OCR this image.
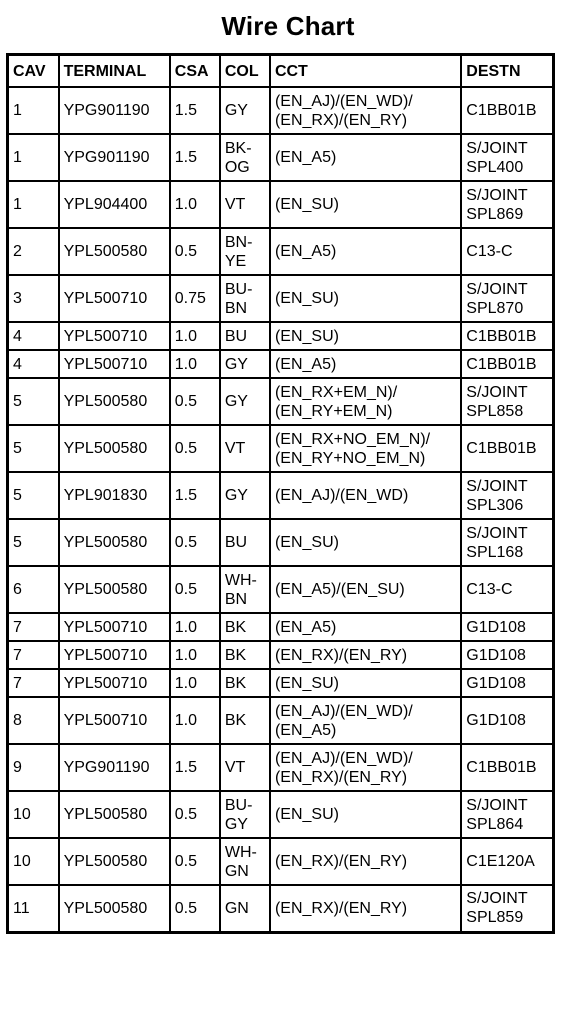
Wire Chart
CAV	TERMINAL	CSA	COL	CCT	DESTN
1	YPG901190	1.5	GY	(EN_AJ)/(EN_WD)/ (EN_RX)/(EN_RY)	C1BB01B
1	YPG901190	1.5	BK- OG	(EN_A5)	S/JOINT SPL400
1	YPL904400	1.0	VT	(EN_SU)	S/JOINT SPL869
2	YPL500580	0.5	BN- YE	(EN_A5)	C13-C
3	YPL500710	0.75	BU- BN	(EN_SU)	S/JOINT SPL870
4	YPL500710	1.0	BU	(EN_SU)	C1BB01B
4	YPL500710	1.0	GY	(EN_A5)	C1BB01B
5	YPL500580	0.5	GY	(EN_RX+EM_N)/ (EN_RY+EM_N)	S/JOINT SPL858
5	YPL500580	0.5	VT	(EN_RX+NO_EM_N)/ (EN_RY+NO_EM_N)	C1BB01B
5	YPL901830	1.5	GY	(EN_AJ)/(EN_WD)	S/JOINT SPL306
5	YPL500580	0.5	BU	(EN_SU)	S/JOINT SPL168
6	YPL500580	0.5	WH- BN	(EN_A5)/(EN_SU)	C13-C
7	YPL500710	1.0	BK	(EN_A5)	G1D108
7	YPL500710	1.0	BK	(EN_RX)/(EN_RY)	G1D108
7	YPL500710	1.0	BK	(EN_SU)	G1D108
8	YPL500710	1.0	BK	(EN_AJ)/(EN_WD)/ (EN_A5)	G1D108
9	YPG901190	1.5	VT	(EN_AJ)/(EN_WD)/ (EN_RX)/(EN_RY)	C1BB01B
10	YPL500580	0.5	BU- GY	(EN_SU)	S/JOINT SPL864
10	YPL500580	0.5	WH- GN	(EN_RX)/(EN_RY)	C1E120A
11	YPL500580	0.5	GN	(EN_RX)/(EN_RY)	S/JOINT SPL859
